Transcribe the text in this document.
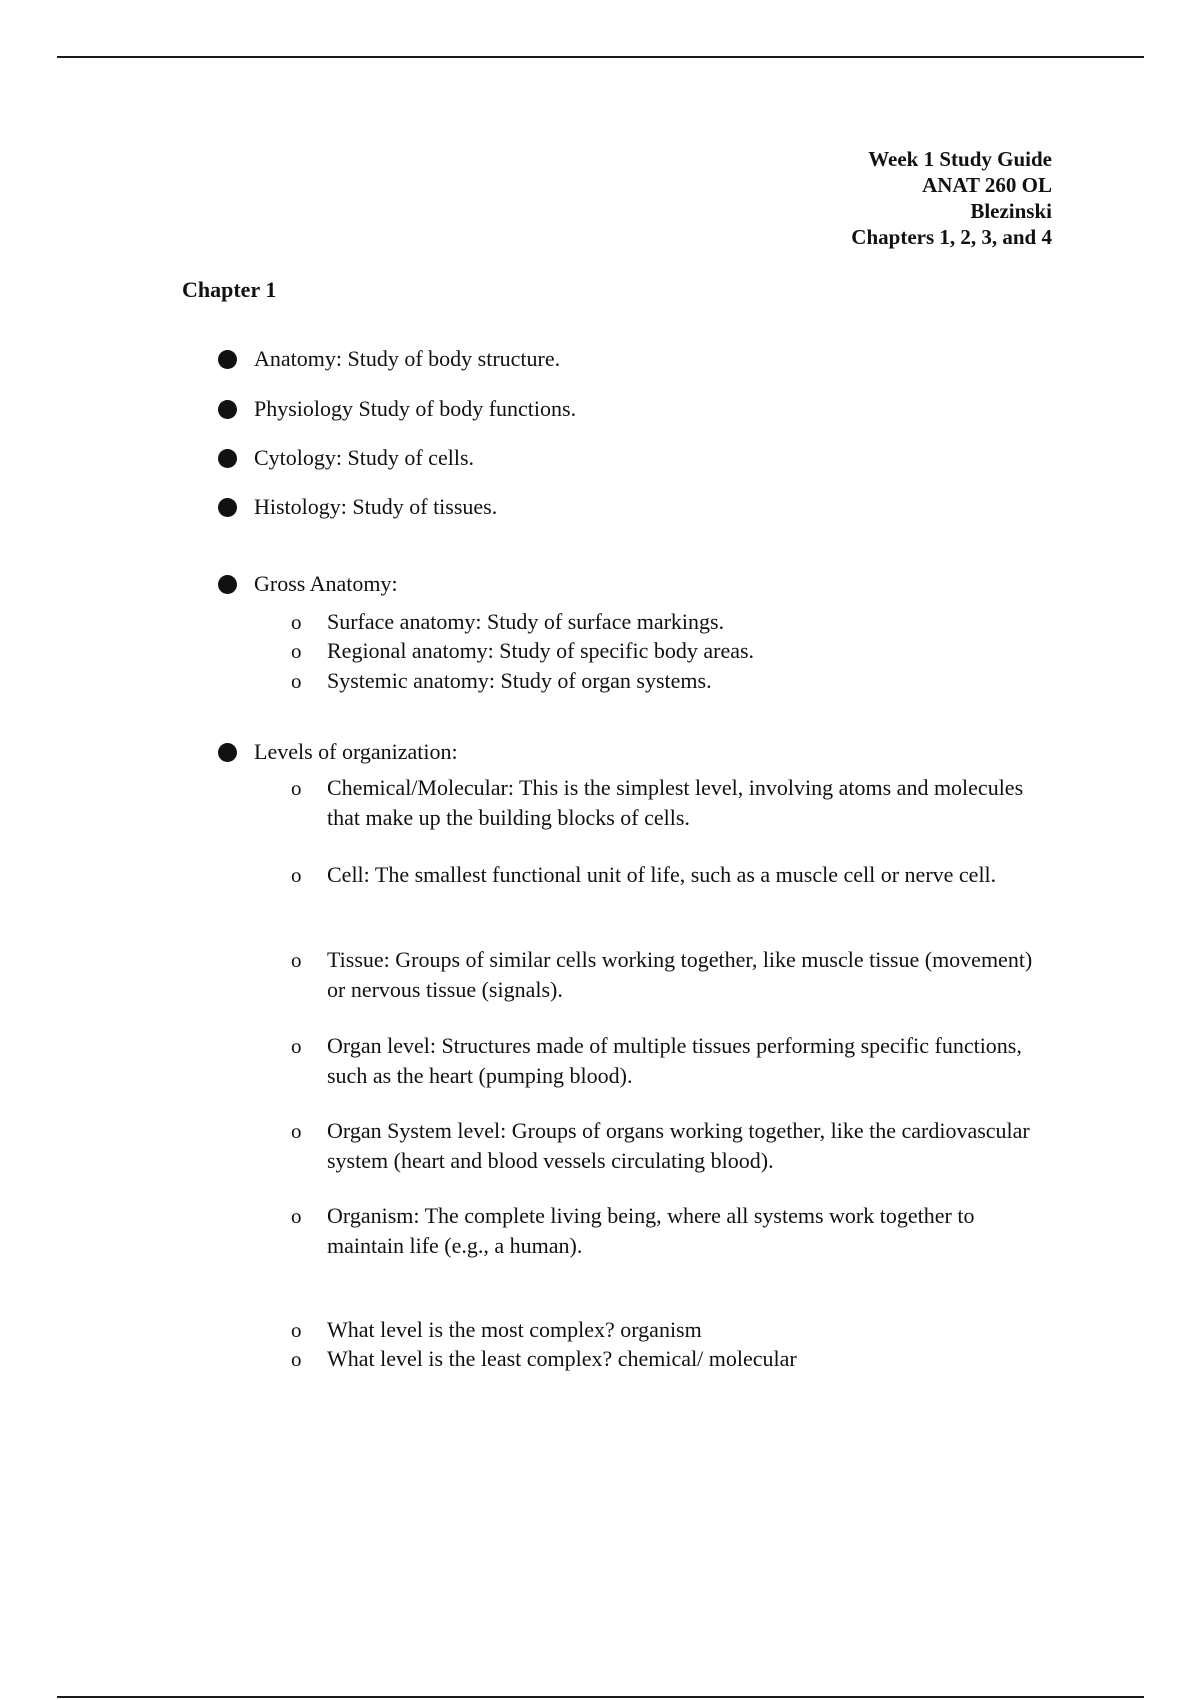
Week 1 Study Guide
ANAT 260 OL
Blezinski
Chapters 1, 2, 3, and 4
Chapter 1
Anatomy: Study of body structure.
Physiology Study of body functions.
Cytology: Study of cells.
Histology: Study of tissues.
Gross Anatomy:
o	Surface anatomy: Study of surface markings.
o	Regional anatomy: Study of specific body areas.
o	Systemic anatomy: Study of organ systems.
Levels of organization:
o	Chemical/Molecular: This is the simplest level, involving atoms and molecules that make up the building blocks of cells.
o	Cell: The smallest functional unit of life, such as a muscle cell or nerve cell.
o	Tissue: Groups of similar cells working together, like muscle tissue (movement) or nervous tissue (signals).
o	Organ level: Structures made of multiple tissues performing specific functions, such as the heart (pumping blood).
o	Organ System level: Groups of organs working together, like the cardiovascular system (heart and blood vessels circulating blood).
o	Organism: The complete living being, where all systems work together to maintain life (e.g., a human).
o	What level is the most complex? organism
o	What level is the least complex? chemical/ molecular
